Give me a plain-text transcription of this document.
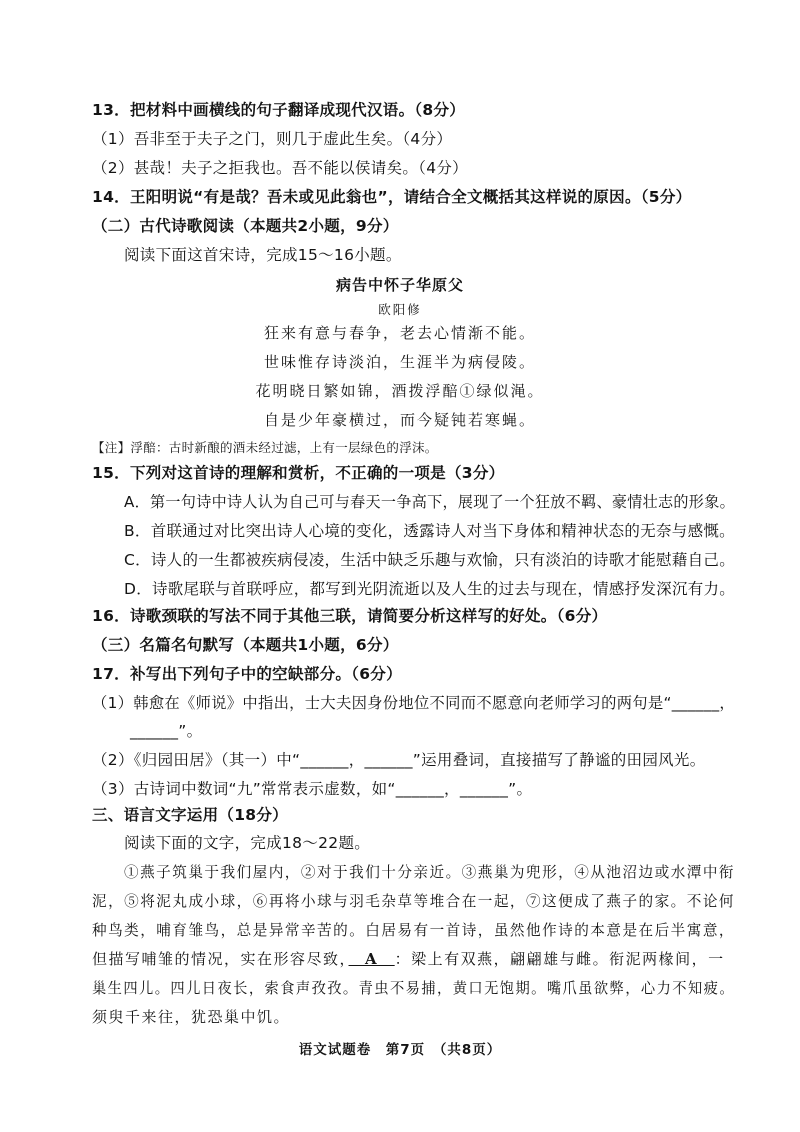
13．把材料中画横线的句子翻译成现代汉语。（8分）
（1）吾非至于夫子之门，则几于虚此生矣。（4分）
（2）甚哉！夫子之拒我也。吾不能以侯请矣。（4分）
14．王阳明说“有是哉？吾未或见此翁也”，请结合全文概括其这样说的原因。（5分）
（二）古代诗歌阅读（本题共2小题，9分）
阅读下面这首宋诗，完成15～16小题。
病告中怀子华原父
欧阳修
狂来有意与春争，老去心情渐不能。
世味惟存诗淡泊，生涯半为病侵陵。
花明晓日繁如锦，酒拨浮醅①绿似渑。
自是少年豪横过，而今疑钝若寒蝇。
【注】浮醅：古时新酿的酒未经过滤，上有一层绿色的浮沫。
15．下列对这首诗的理解和赏析，不正确的一项是（3分）
A．第一句诗中诗人认为自己可与春天一争高下，展现了一个狂放不羁、豪情壮志的形象。
B．首联通过对比突出诗人心境的变化，透露诗人对当下身体和精神状态的无奈与感慨。
C．诗人的一生都被疾病侵凌，生活中缺乏乐趣与欢愉，只有淡泊的诗歌才能慰藉自己。
D．诗歌尾联与首联呼应，都写到光阴流逝以及人生的过去与现在，情感抒发深沉有力。
16．诗歌颈联的写法不同于其他三联，请简要分析这样写的好处。（6分）
（三）名篇名句默写（本题共1小题，6分）
17．补写出下列句子中的空缺部分。（6分）
（1）韩愈在《师说》中指出，士大夫因身份地位不同而不愿意向老师学习的两句是“______，
______”。
（2）《归园田居》（其一）中“______，______”运用叠词，直接描写了静谧的田园风光。
（3）古诗词中数词“九”常常表示虚数，如“______，______”。
三、语言文字运用（18分）
阅读下面的文字，完成18～22题。
①燕子筑巢于我们屋内，②对于我们十分亲近。③燕巢为兜形，④从池沼边或水潭中衔
泥，⑤将泥丸成小球，⑥再将小球与羽毛杂草等堆合在一起，⑦这便成了燕子的家。不论何
种鸟类，哺育雏鸟，总是异常辛苦的。白居易有一首诗，虽然他作诗的本意是在后半寓意，
但描写哺雏的情况，实在形容尽致，　A　：梁上有双燕，翩翩雄与雌。衔泥两椽间，一
巢生四儿。四儿日夜长，索食声孜孜。青虫不易捕，黄口无饱期。嘴爪虽欲弊，心力不知疲。
须臾千来往，犹恐巢中饥。
语文试题卷　第7页　（共8页）
